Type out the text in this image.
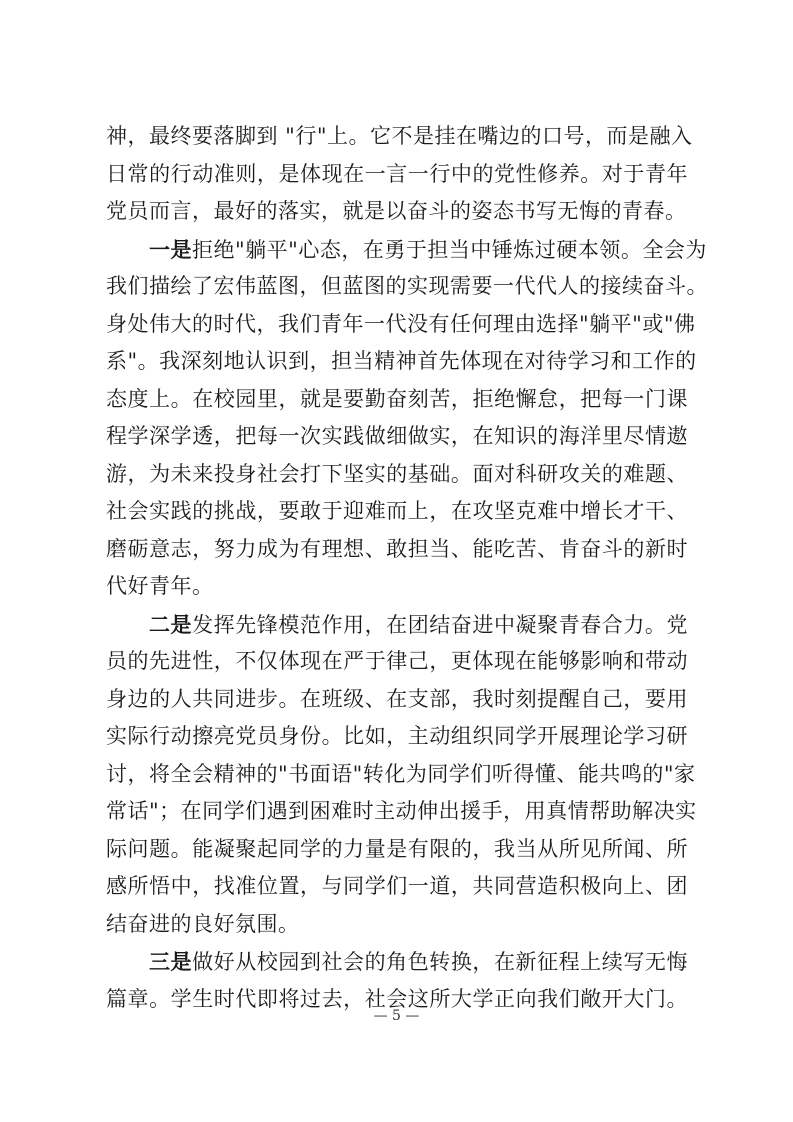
神，最终要落脚到 "行"上。它不是挂在嘴边的口号，而是融入
日常的行动准则，是体现在一言一行中的党性修养。对于青年
党员而言，最好的落实，就是以奋斗的姿态书写无悔的青春。
一是拒绝"躺平"心态，在勇于担当中锤炼过硬本领。全会为
我们描绘了宏伟蓝图，但蓝图的实现需要一代代人的接续奋斗。
身处伟大的时代，我们青年一代没有任何理由选择"躺平"或"佛
系"。我深刻地认识到，担当精神首先体现在对待学习和工作的
态度上。在校园里，就是要勤奋刻苦，拒绝懈怠，把每一门课
程学深学透，把每一次实践做细做实，在知识的海洋里尽情遨
游，为未来投身社会打下坚实的基础。面对科研攻关的难题、
社会实践的挑战，要敢于迎难而上，在攻坚克难中增长才干、
磨砺意志，努力成为有理想、敢担当、能吃苦、肯奋斗的新时
代好青年。
二是发挥先锋模范作用，在团结奋进中凝聚青春合力。党
员的先进性，不仅体现在严于律己，更体现在能够影响和带动
身边的人共同进步。在班级、在支部，我时刻提醒自己，要用
实际行动擦亮党员身份。比如，主动组织同学开展理论学习研
讨，将全会精神的"书面语"转化为同学们听得懂、能共鸣的"家
常话"；在同学们遇到困难时主动伸出援手，用真情帮助解决实
际问题。能凝聚起同学的力量是有限的，我当从所见所闻、所
感所悟中，找准位置，与同学们一道，共同营造积极向上、团
结奋进的良好氛围。
三是做好从校园到社会的角色转换，在新征程上续写无悔
篇章。学生时代即将过去，社会这所大学正向我们敞开大门。
— 5 —
